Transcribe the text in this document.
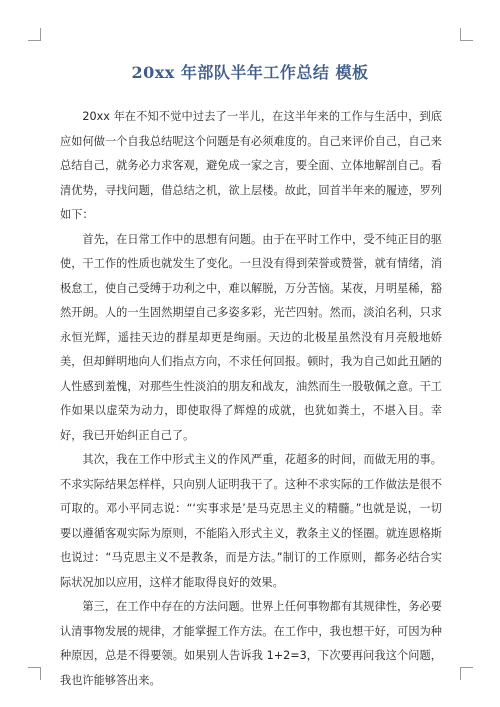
20xx 年部队半年工作总结 模板

20xx 年在不知不觉中过去了一半儿，在这半年来的工作与生活中，到底应如何做一个自我总结呢这个问题是有必须难度的。自己来评价自己，自己来总结自己，就务必力求客观，避免成一家之言，要全面、立体地解剖自己。看清优势，寻找问题，借总结之机，欲上层楼。故此，回首半年来的履迹，罗列如下：

首先，在日常工作中的思想有问题。由于在平时工作中，受不纯正目的驱使，干工作的性质也就发生了变化。一旦没有得到荣誉或赞誉，就有情绪，消极怠工，使自己受缚于功利之中，难以解脱，万分苦恼。某夜，月明星稀，豁然开朗。人的一生固然期望自己多姿多彩，光芒四射。然而，淡泊名利，只求永恒光辉，遥挂天边的群星却更是绚丽。天边的北极星虽然没有月亮般地娇美，但却鲜明地向人们指点方向，不求任何回报。顿时，我为自己如此丑陋的人性感到羞愧，对那些生性淡泊的朋友和战友，油然而生一股敬佩之意。干工作如果以虚荣为动力，即使取得了辉煌的成就，也犹如粪土，不堪入目。幸好，我已开始纠正自己了。

其次，我在工作中形式主义的作风严重，花超多的时间，而做无用的事。不求实际结果怎样样，只向别人证明我干了。这种不求实际的工作做法是很不可取的。邓小平同志说：“‘实事求是’是马克思主义的精髓。”也就是说，一切要以遵循客观实际为原则，不能陷入形式主义，教条主义的怪圈。就连恩格斯也说过：“马克思主义不是教条，而是方法。”制订的工作原则，都务必结合实际状况加以应用，这样才能取得良好的效果。

第三，在工作中存在的方法问题。世界上任何事物都有其规律性，务必要认清事物发展的规律，才能掌握工作方法。在工作中，我也想干好，可因为种种原因，总是不得要领。如果别人告诉我 1+2=3，下次要再问我这个问题，我也许能够答出来。
